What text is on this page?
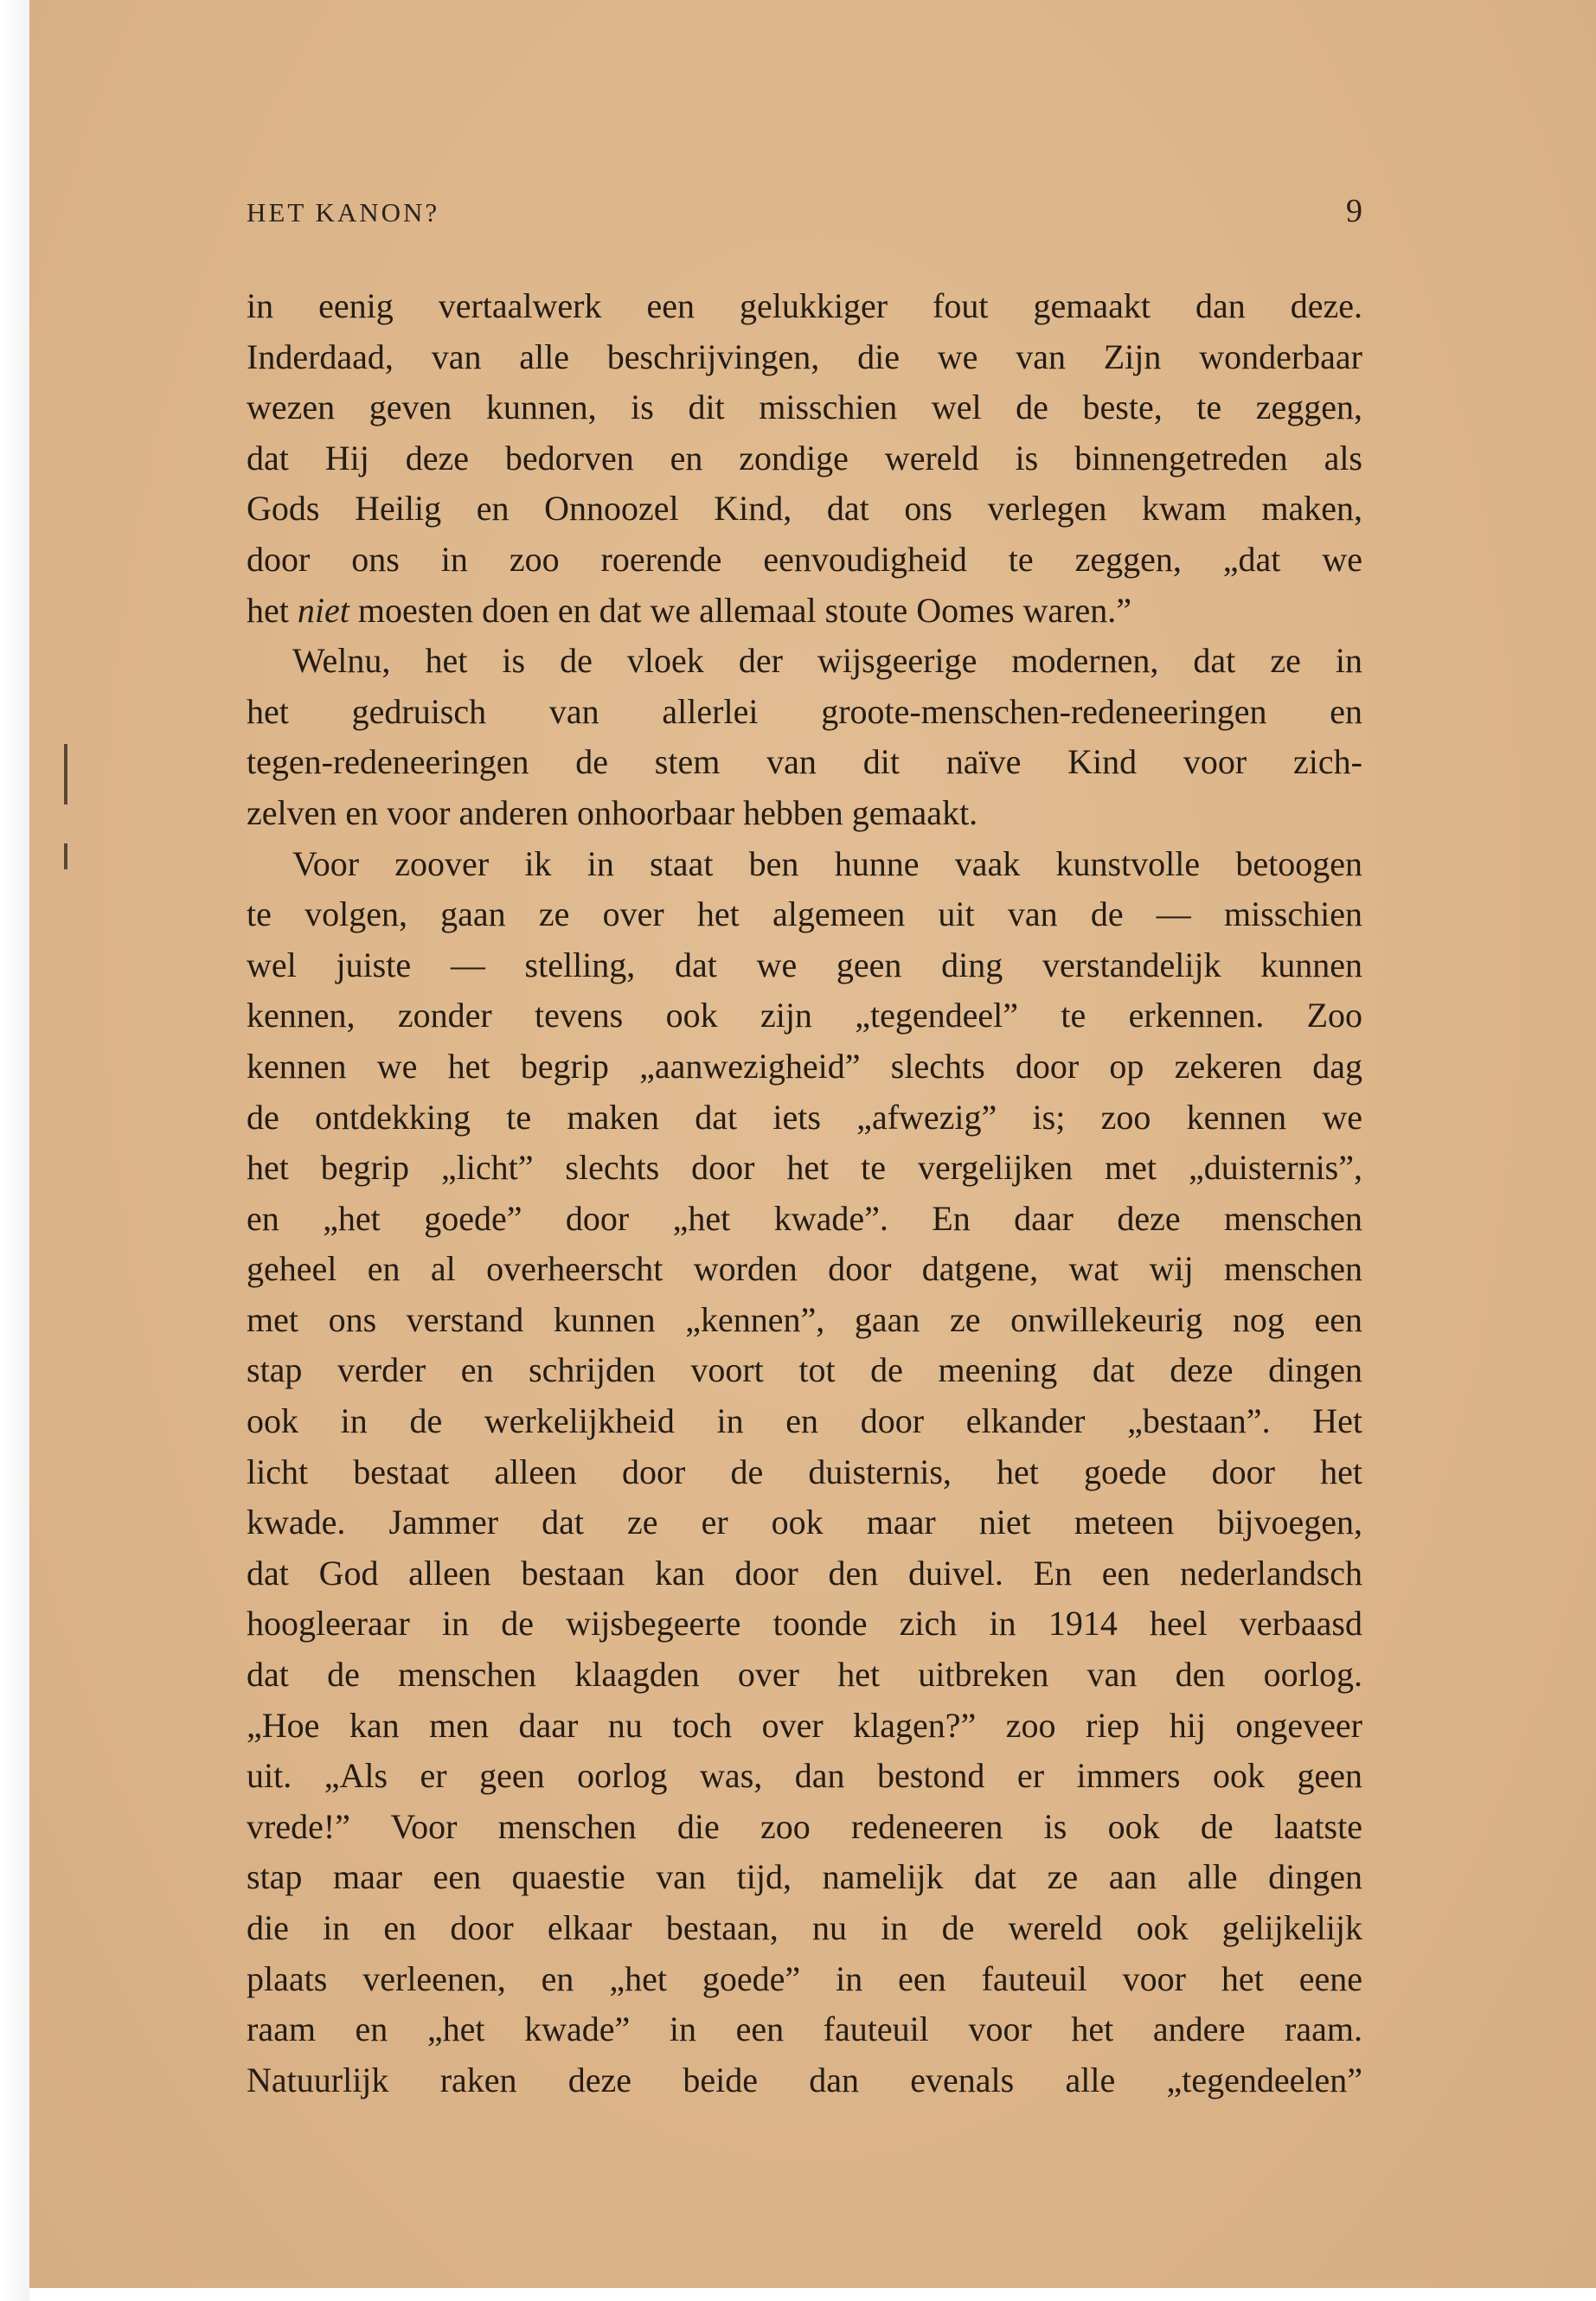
HET KANON?	9
in eenig vertaalwerk een gelukkiger fout gemaakt dan deze.
Inderdaad, van alle beschrijvingen, die we van Zijn wonderbaar
wezen geven kunnen, is dit misschien wel de beste, te zeggen,
dat Hij deze bedorven en zondige wereld is binnengetreden als
Gods Heilig en Onnoozel Kind, dat ons verlegen kwam maken,
door ons in zoo roerende eenvoudigheid te zeggen, „dat we
het niet moesten doen en dat we allemaal stoute Oomes waren.”
Welnu, het is de vloek der wijsgeerige modernen, dat ze in
het gedruisch van allerlei groote-menschen-redeneeringen en
tegen-redeneeringen de stem van dit naïve Kind voor zich-
zelven en voor anderen onhoorbaar hebben gemaakt.
Voor zoover ik in staat ben hunne vaak kunstvolle betoogen
te volgen, gaan ze over het algemeen uit van de — misschien
wel juiste — stelling, dat we geen ding verstandelijk kunnen
kennen, zonder tevens ook zijn „tegendeel” te erkennen. Zoo
kennen we het begrip „aanwezigheid” slechts door op zekeren dag
de ontdekking te maken dat iets „afwezig” is; zoo kennen we
het begrip „licht” slechts door het te vergelijken met „duisternis”,
en „het goede” door „het kwade”. En daar deze menschen
geheel en al overheerscht worden door datgene, wat wij menschen
met ons verstand kunnen „kennen”, gaan ze onwillekeurig nog een
stap verder en schrijden voort tot de meening dat deze dingen
ook in de werkelijkheid in en door elkander „bestaan”. Het
licht bestaat alleen door de duisternis, het goede door het
kwade. Jammer dat ze er ook maar niet meteen bijvoegen,
dat God alleen bestaan kan door den duivel. En een nederlandsch
hoogleeraar in de wijsbegeerte toonde zich in 1914 heel verbaasd
dat de menschen klaagden over het uitbreken van den oorlog.
„Hoe kan men daar nu toch over klagen?” zoo riep hij ongeveer
uit. „Als er geen oorlog was, dan bestond er immers ook geen
vrede!” Voor menschen die zoo redeneeren is ook de laatste
stap maar een quaestie van tijd, namelijk dat ze aan alle dingen
die in en door elkaar bestaan, nu in de wereld ook gelijkelijk
plaats verleenen, en „het goede” in een fauteuil voor het eene
raam en „het kwade” in een fauteuil voor het andere raam.
Natuurlijk raken deze beide dan evenals alle „tegendeelen”
